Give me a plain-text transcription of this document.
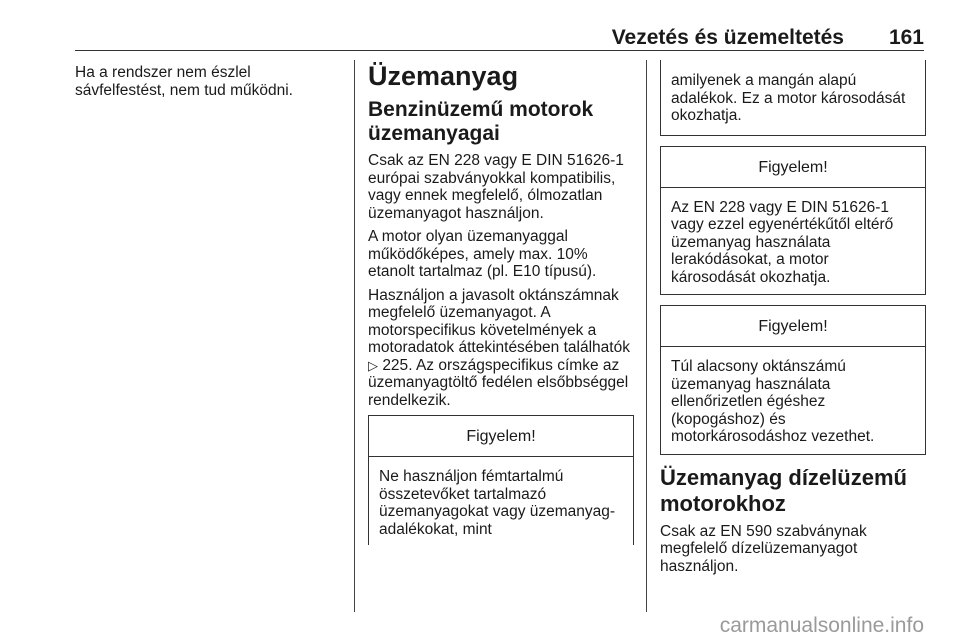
Vezetés és üzemeltetés 161

Ha a rendszer nem észlel sávfelfestést, nem tud működni.	Üzemanyag
Benzinüzemű motorok üzemanyagai

Csak az EN 228 vagy E DIN 51626-1 európai szabványokkal kompatibilis, vagy ennek megfelelő, ólmozatlan üzemanyagot használjon.

A motor olyan üzemanyaggal működőképes, amely max. 10% etanolt tartalmaz (pl. E10 típusú).

Használjon a javasolt oktánszámnak megfelelő üzemanyagot. A motorspecifikus követelmények a motoradatok áttekintésében találhatók ▷ 225. Az országspecifikus címke az üzemanyagtöltő fedélen elsőbbséggel rendelkezik.

Figyelem!

Ne használjon fémtartalmú összetevőket tartalmazó üzemanyagokat vagy üzemanyag-adalékokat, mint

amilyenek a mangán alapú adalékok. Ez a motor károsodását okozhatja.

Figyelem!

Az EN 228 vagy E DIN 51626-1 vagy ezzel egyenértékűtől eltérő üzemanyag használata lerakódásokat, a motor károsodását okozhatja.

Figyelem!

Túl alacsony oktánszámú üzemanyag használata ellenőrizetlen égéshez (kopogáshoz) és motorkárosodáshoz vezethet.

Üzemanyag dízelüzemű motorokhoz

Csak az EN 590 szabványnak megfelelő dízelüzemanyagot használjon.

carmanualsonline.info
